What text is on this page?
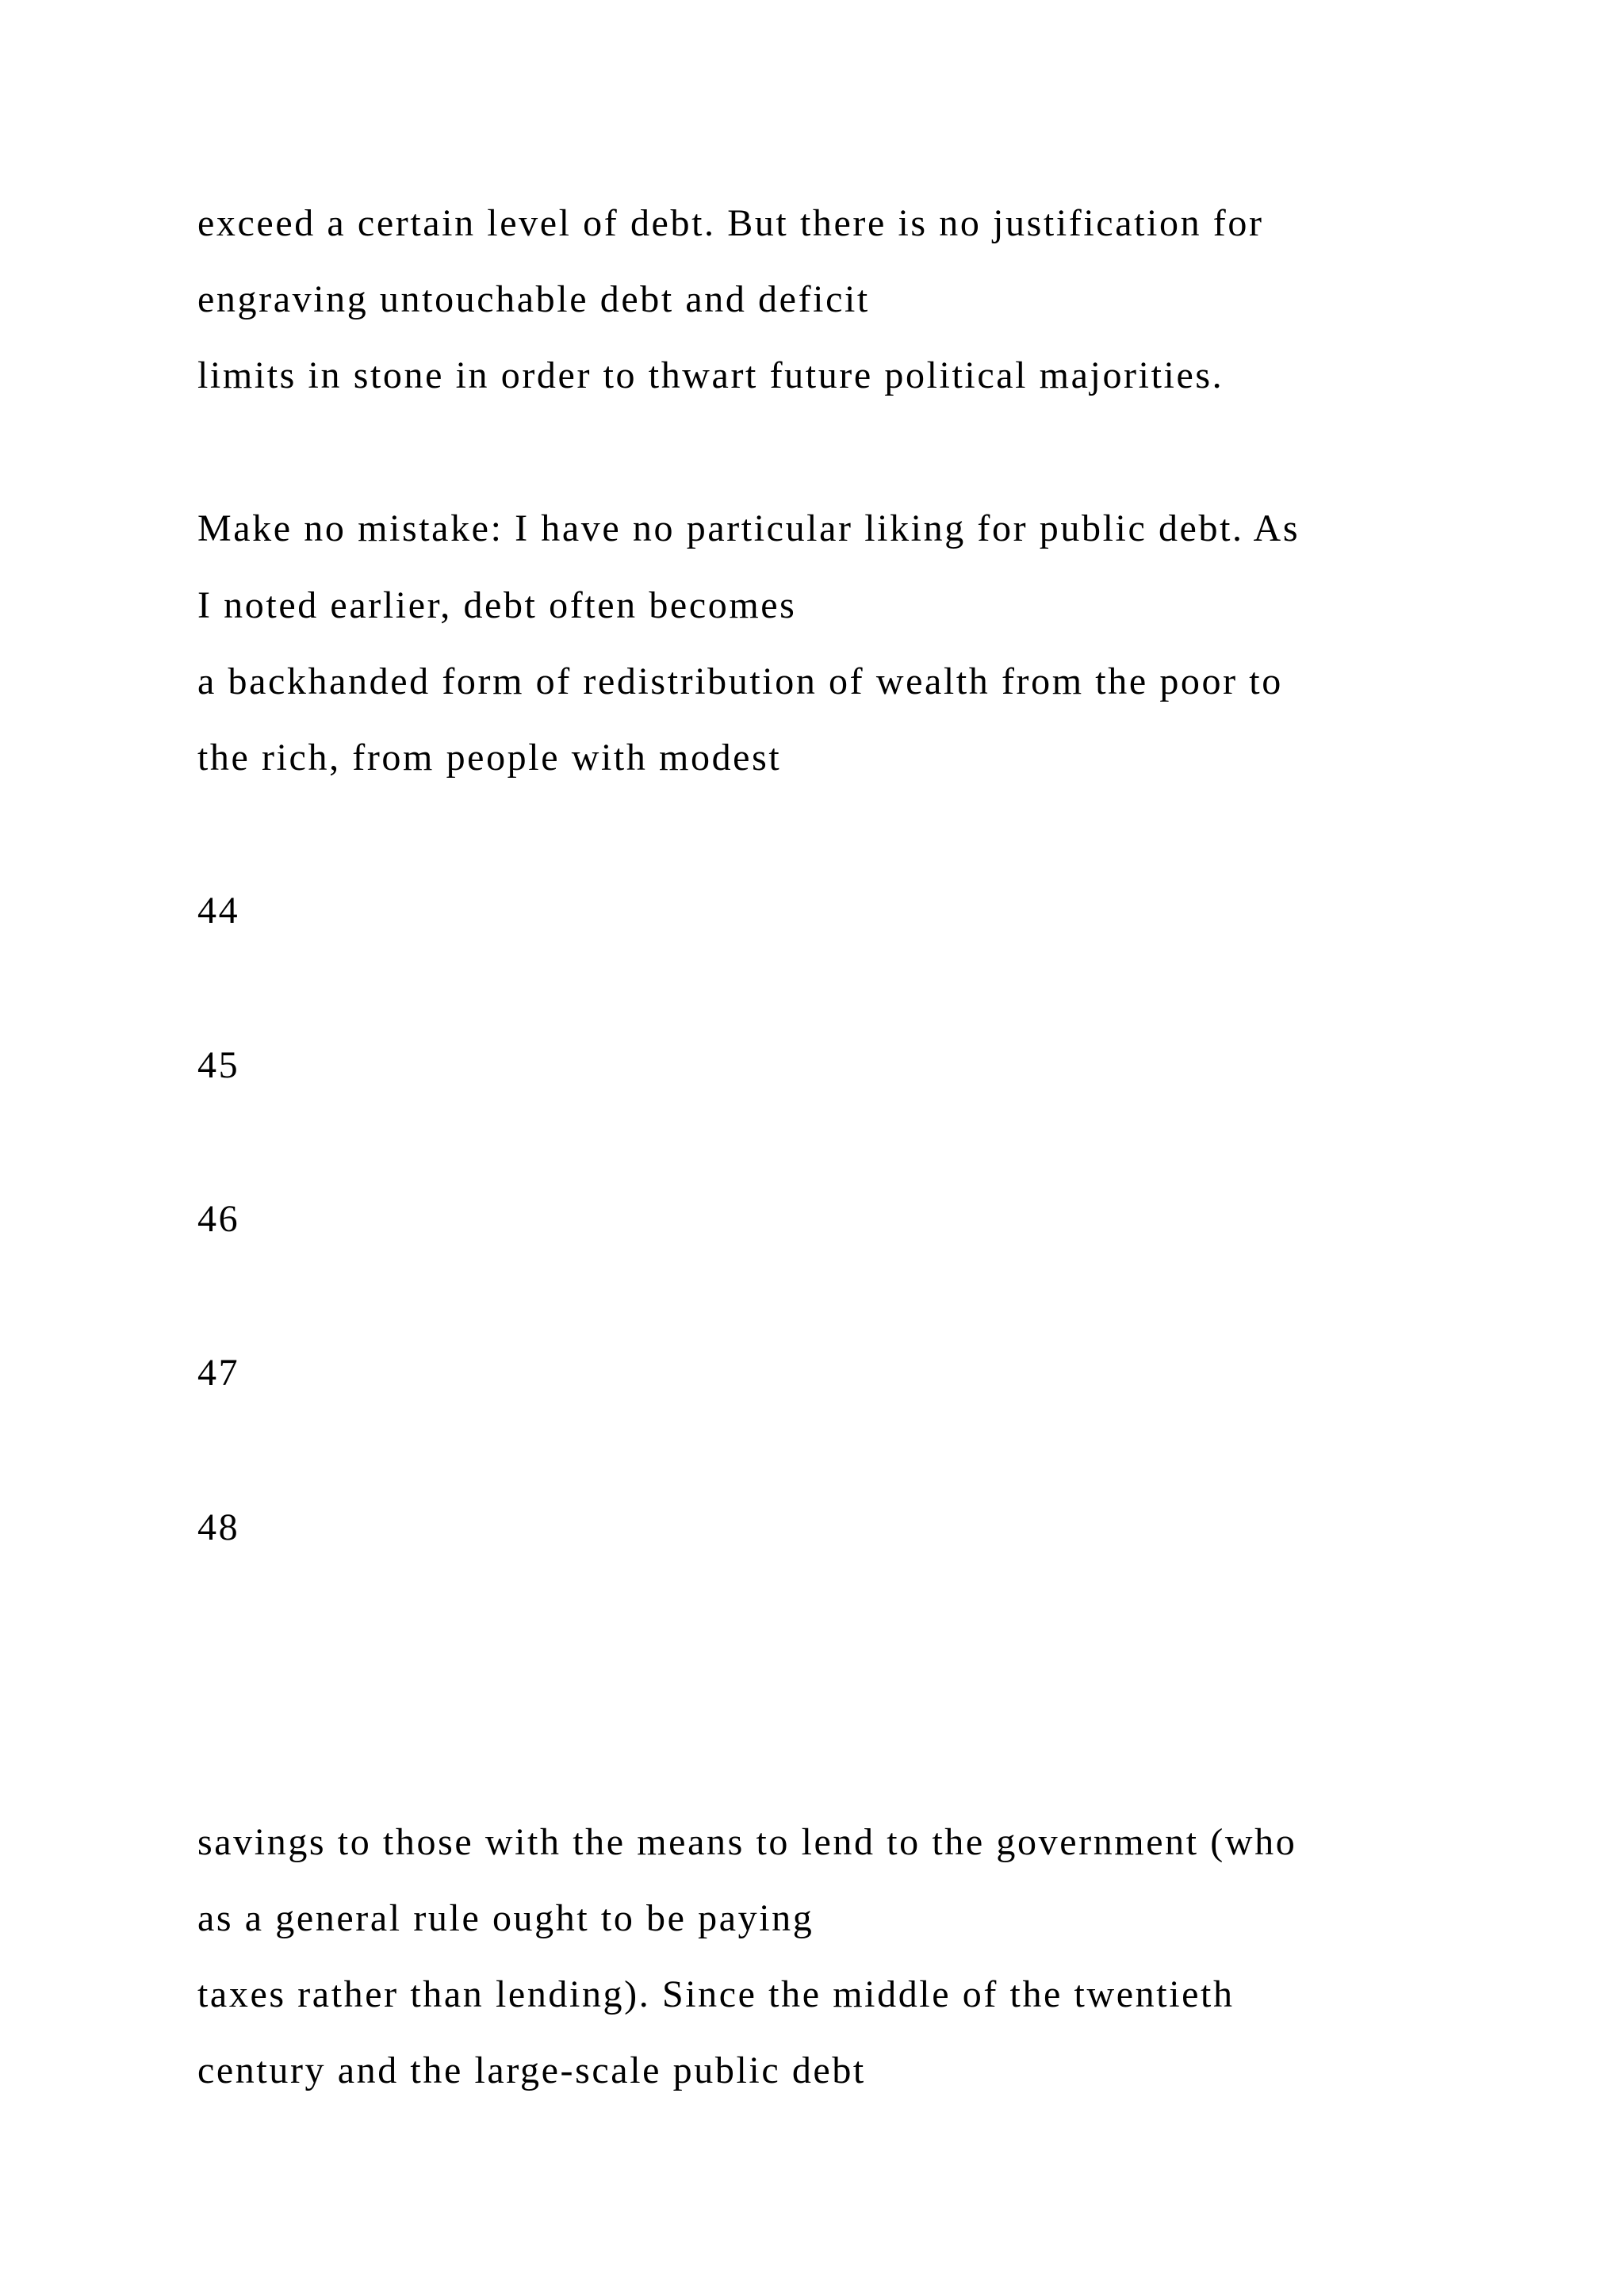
exceed a certain level of debt. But there is no justification for
engraving untouchable debt and deficit
limits in stone in order to thwart future political majorities.
Make no mistake: I have no particular liking for public debt. As
I noted earlier, debt often becomes
a backhanded form of redistribution of wealth from the poor to
the rich, from people with modest
44
45
46
47
48
savings to those with the means to lend to the government (who
as a general rule ought to be paying
taxes rather than lending). Since the middle of the twentieth
century and the large-scale public debt
